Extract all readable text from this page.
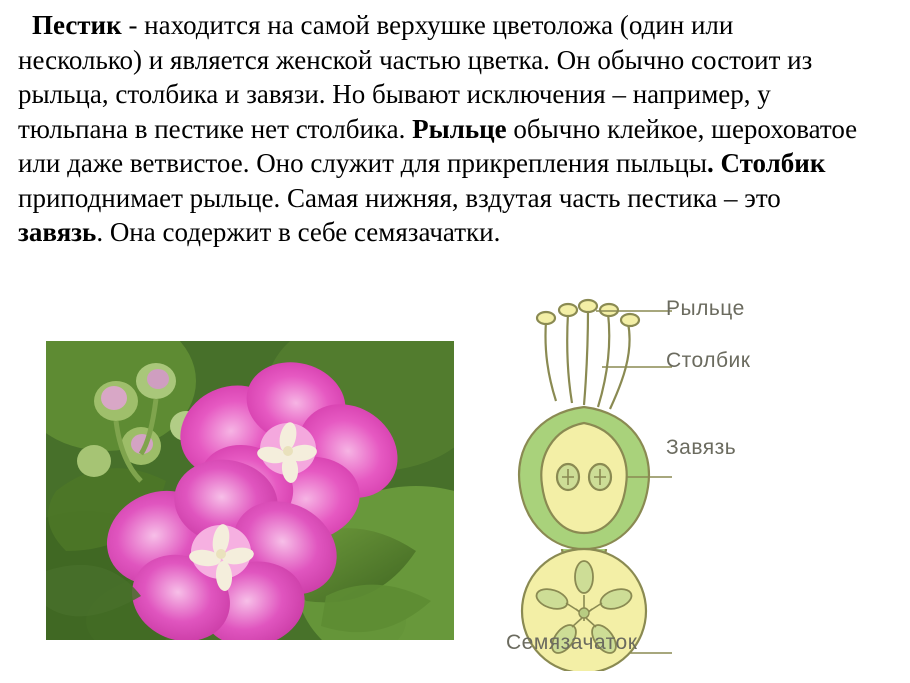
Пестик - находится на самой верхушке цветоложа (один или несколько) и является женской частью цветка. Он обычно состоит из рыльца, столбика и завязи. Но бывают исключения – например, у тюльпана в пестике нет столбика. Рыльце обычно клейкое, шероховатое или даже ветвистое. Оно служит для прикрепления пыльцы. Столбик приподнимает рыльце. Самая нижняя, вздутая часть пестика – это завязь. Она содержит в себе семязачатки.

Рыльце
Столбик
Завязь
Семязачаток
